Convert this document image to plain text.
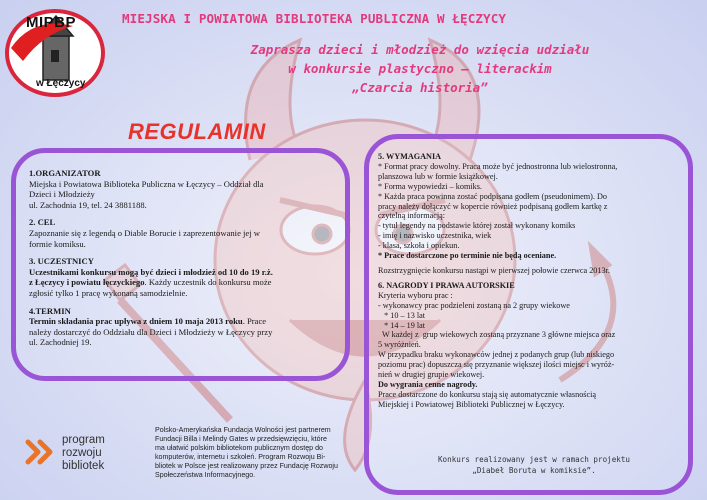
MIPBP
w Łęczycy
MIEJSKA I POWIATOWA BIBLIOTEKA PUBLICZNA W ŁĘCZYCY
Zaprasza dzieci i młodzież do wzięcia udziału
w konkursie plastyczno – literackim
„Czarcia historia”
REGULAMIN
1.ORGANIZATOR
Miejska i Powiatowa Biblioteka Publiczna w Łęczycy – Oddział dla
Dzieci i Młodzieży
ul. Zachodnia 19, tel. 24 3881188.
2. CEL
Zapoznanie się z legendą o Diable Borucie i zaprezentowanie jej w
formie komiksu.
3. UCZESTNICY
Uczestnikami konkursu mogą być dzieci i młodzież od 10 do 19 r.ż.
z Łęczycy i powiatu łęczyckiego. Każdy uczestnik do konkursu może
zgłosić tylko 1 pracę wykonaną samodzielnie.
4.TERMIN
Termin składania prac upływa z dniem 10 maja 2013 roku. Prace
należy dostarczyć do Oddziału dla Dzieci i Młodzieży w Łęczycy przy
ul. Zachodniej 19.
5. WYMAGANIA
* Format pracy dowolny. Praca może być jednostronna lub wielostronna,
planszowa lub w formie książkowej.
* Forma wypowiedzi – komiks.
* Każda praca powinna zostać podpisana godłem (pseudonimem). Do
pracy należy dołączyć w kopercie również podpisaną godłem kartkę z
czytelną informacją:
- tytuł legendy na podstawie której został wykonany komiks
- imię i nazwisko uczestnika, wiek
- klasa, szkoła i opiekun.
* Prace dostarczone po terminie nie będą oceniane.
Rozstrzygnięcie konkursu nastąpi w pierwszej połowie czerwca 2013r.
6. NAGRODY I PRAWA AUTORSKIE
Kryteria wyboru prac :
- wykonawcy prac podzieleni zostaną na 2 grupy wiekowe
* 10 – 13 lat
* 14 – 19 lat
W każdej z  grup wiekowych zostaną przyznane 3 główne miejsca oraz
5 wyróżnień.
W przypadku braku wykonawców jednej z podanych grup (lub niskiego
poziomu prac) dopuszcza się przyznanie większej ilości miejsc i wyróż-
nień w drugiej grupie wiekowej.
Do wygrania cenne nagrody.
Prace dostarczone do konkursu stają się automatycznie własnością
Miejskiej i Powiatowej Biblioteki Publicznej w Łęczycy.
Konkurs realizowany jest w ramach projektu
„Diabeł Boruta w komiksie”.
program
rozwoju
bibliotek
Polsko-Amerykańska Fundacja Wolności jest partnerem
Fundacji Billa i Melindy Gates w przedsięwzięciu, które
ma ułatwić polskim bibliotekom publicznym dostęp do
komputerów, internetu i szkoleń. Program Rozwoju Bi-
bliotek w Polsce jest realizowany przez Fundację Rozwoju
Społeczeństwa Informacyjnego.
